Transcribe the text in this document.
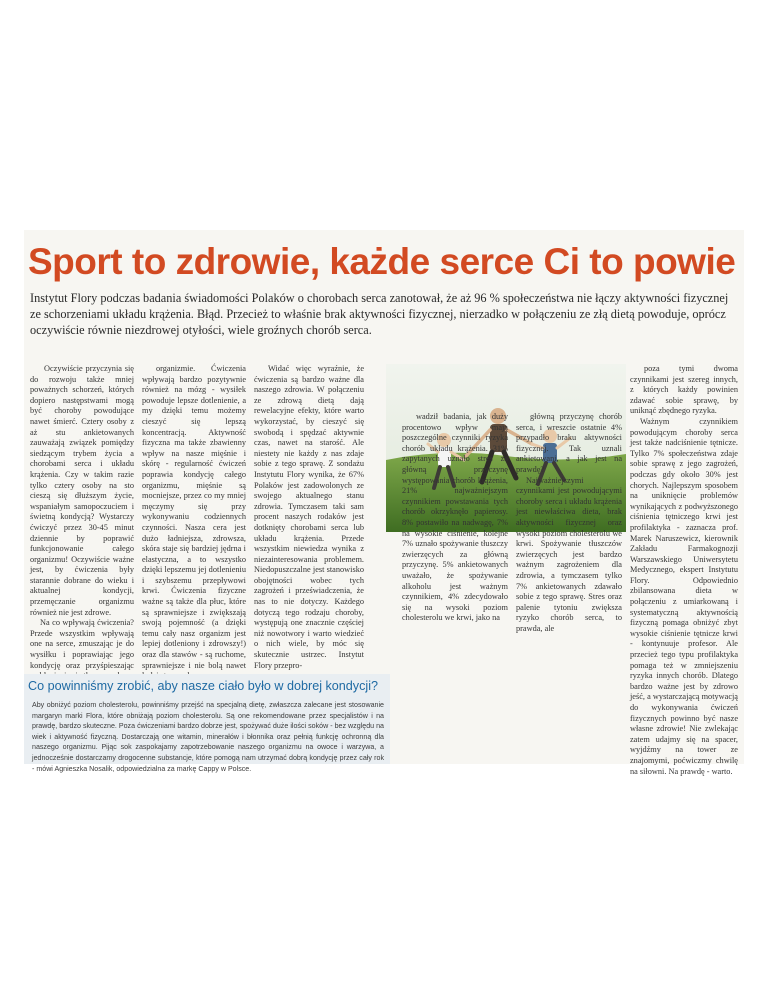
Sport to zdrowie, każde serce Ci to powie

Instytut Flory podczas badania świadomości Polaków o chorobach serca zanotował, że aż 96 % społeczeństwa nie łączy aktywności fizycznej ze schorzeniami układu krążenia. Błąd. Przecież to właśnie brak aktywności fizycznej, nierzadko w połączeniu ze złą dietą powoduje, oprócz oczywiście równie niezdrowej otyłości, wiele groźnych chorób serca.

Oczywiście przyczynia się do rozwoju także mniej poważnych schorzeń, których dopiero następstwami mogą być choroby powodujące nawet śmierć. Cztery osoby z aż stu ankietowanych zauważają związek pomiędzy siedzącym trybem życia a chorobami serca i układu krążenia. Czy w takim razie tylko cztery osoby na sto cieszą się dłuższym życie, wspaniałym samopoczuciem i świetną kondycją? Wystarczy ćwiczyć przez 30-45 minut dziennie by poprawić funkcjonowanie całego organizmu! Oczywiście ważne jest, by ćwiczenia były starannie dobrane do wieku i aktualnej kondycji, przemęczanie organizmu również nie jest zdrowe.

Na co wpływają ćwiczenia? Przede wszystkim wpływają one na serce, zmuszając je do wysiłku i poprawiając jego kondycję oraz przyśpieszając

organizmie. Ćwiczenia wpływają bardzo pozytywnie również na mózg - wysiłek powoduje lepsze dotlenienie, a my dzięki temu możemy cieszyć się lepszą koncentracją. Aktywność fizyczna ma także zbawienny wpływ na nasze mięśnie i skórę - regularność ćwiczeń poprawia kondycję całego organizmu, mięśnie są mocniejsze, przez co my mniej męczymy się przy wykonywaniu codziennych czynności. Nasza cera jest dużo ładniejsza, zdrowsza, skóra staje się bardziej jędrna i elastyczna, a to wszystko dzięki lepszemu jej dotlenieniu i szybszemu przepływowi krwi. Ćwiczenia fizyczne ważne są także dla płuc, które są sprawniejsze i zwiększają swoją pojemność (a dzięki temu cały nasz organizm jest lepiej dotleniony i zdrowszy!) oraz dla stawów - są ruchome, sprawniejsze i nie bolą nawet

Widać więc wyraźnie, że ćwiczenia są bardzo ważne dla naszego zdrowia. W połączeniu ze zdrową dietą dają rewelacyjne efekty, które warto wykorzystać, by cieszyć się swobodą i spędzać aktywnie czas, nawet na starość. Ale niestety nie każdy z nas zdaje sobie z tego sprawę. Z sondażu Instytutu Flory wynika, że 67% Polaków jest zadowolonych ze swojego aktualnego stanu zdrowia. Tymczasem taki sam procent naszych rodaków jest dotknięty chorobami serca lub układu krążenia. Przede wszystkim niewiedza wynika z niezainteresowania problemem. Niedopuszczalne jest stanowisko obojętności wobec tych zagrożeń i przeświadczenia, że nas to nie dotyczy. Każdego dotyczą tego rodzaju choroby, występują one znacznie częściej niż nowotwory i warto wiedzieć o nich wiele, by móc się skutecznie ustrzec. Instytut Flory przepro-

wadził badania, jak duży procentowo wpływ mają poszczególne czynniki ryzyka chorób układu krążenia. 31% zapytanych uznało stres za główną przyczynę występowania chorób krążenia, 21% najważniejszym czynnikiem powstawania tych chorób okrzyknęło papierosy. 8% postawiło na nadwagę, 7% na wysokie ciśnienie, kolejne 7% uznało spożywanie tłuszczy zwierzęcych za główną przyczynę. 5% ankietowanych uważało, że spożywanie alkoholu jest ważnym czynnikiem, 4% zdecydowało się na wysoki poziom cholesterolu we krwi, jako na

główną przyczynę chorób serca, i wreszcie ostatnie 4% przypadło braku aktywności fizycznej. Tak uznali ankietowani, a jak jest na prawdę?

Najważniejszymi czynnikami jest powodującymi choroby serca i układu krążenia jest niewłaściwa dieta, brak aktywności fizycznej oraz wysoki poziom cholesterolu we krwi. Spożywanie tłuszczów zwierzęcych jest bardzo ważnym zagrożeniem dla zdrowia, a tymczasem tylko 7% ankietowanych zdawało sobie z tego sprawę. Stres oraz palenie tytoniu zwiększa ryzyko chorób serca, to prawda, ale

poza tymi dwoma czynnikami jest szereg innych, z których każdy powinien zdawać sobie sprawę, by uniknąć zbędnego ryzyka.

Ważnym czynnikiem powodującym choroby serca jest także nadciśnienie tętnicze. Tylko 7% społeczeństwa zdaje sobie sprawę z jego zagrożeń, podczas gdy około 30% jest chorych. Najlepszym sposobem na uniknięcie problemów wynikających z podwyższonego ciśnienia tętniczego krwi jest profilaktyka - zaznacza prof. Marek Naruszewicz, kierownik Zakładu Farmakognozji Warszawskiego Uniwersytetu Medycznego, ekspert Instytutu Flory. Odpowiednio zbilansowana dieta w połączeniu z umiarkowaną i systematyczną aktywnością fizyczną pomaga obniżyć zbyt wysokie ciśnienie tętnicze krwi - kontynuuje profesor. Ale przecież tego typu profilaktyka pomaga też w zmniejszeniu ryzyka innych chorób. Dlatego bardzo ważne jest by zdrowo jeść, a wystarczającą motywacją do wykonywania ćwiczeń fizycznych powinno być nasze własne zdrowie! Nie zwlekając zatem udajmy się na spacer, wyjdźmy na tower ze znajomymi, poćwiczmy chwilę na siłowni. Na prawdę - warto.

Co powinniśmy zrobić, aby nasze ciało było w dobrej kondycji?

Aby obniżyć poziom cholesterolu, powinniśmy przejść na specjalną dietę, zwłaszcza zalecane jest stosowanie margaryn marki Flora, które obniżają poziom cholesterolu. Są one rekomendowane przez specjalistów i na prawdę, bardzo skuteczne. Poza ćwiczeniami bardzo dobrze jest, spożywać duże ilości soków - bez względu na wiek i aktywność fizyczną. Dostarczają one witamin, minerałów i błonnika oraz pełnią funkcję ochronną dla naszego organizmu. Pijąc sok zaspokajamy zapotrzebowanie naszego organizmu na owoce i warzywa, a jednocześnie dostarczamy drogocenne substancje, które pomogą nam utrzymać dobrą kondycję przez cały rok - mówi Agnieszka Nosalik, odpowiedzialna za markę Cappy w Polsce.
